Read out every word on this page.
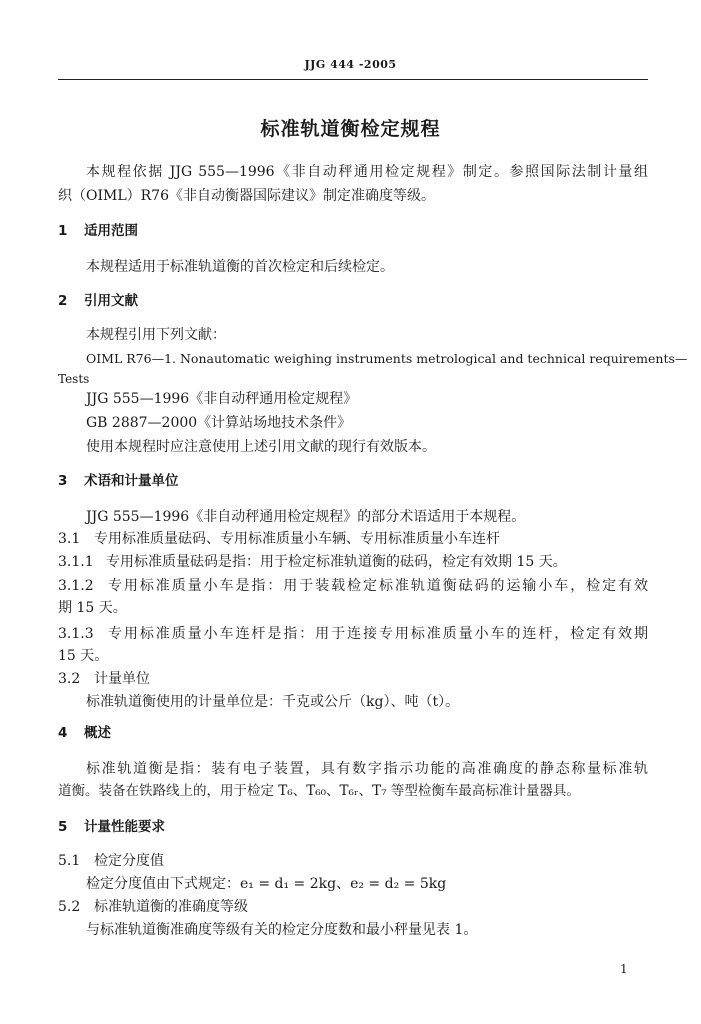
JJG 444 -2005
标准轨道衡检定规程
本规程依据 JJG 555—1996《非自动秤通用检定规程》制定。参照国际法制计量组
织（OIML）R76《非自动衡器国际建议》制定准确度等级。
1 适用范围
本规程适用于标准轨道衡的首次检定和后续检定。
2 引用文献
本规程引用下列文献：
OIML R76—1. Nonautomatic weighing instruments metrological and technical requirements—
Tests
JJG 555—1996《非自动秤通用检定规程》
GB 2887—2000《计算站场地技术条件》
使用本规程时应注意使用上述引用文献的现行有效版本。
3 术语和计量单位
JJG 555—1996《非自动秤通用检定规程》的部分术语适用于本规程。
3.1 专用标准质量砝码、专用标准质量小车辆、专用标准质量小车连杆
3.1.1 专用标准质量砝码是指：用于检定标准轨道衡的砝码，检定有效期 15 天。
3.1.2 专用标准质量小车是指：用于装载检定标准轨道衡砝码的运输小车，检定有效
期 15 天。
3.1.3 专用标准质量小车连杆是指：用于连接专用标准质量小车的连杆，检定有效期
15 天。
3.2 计量单位
标准轨道衡使用的计量单位是：千克或公斤（kg）、吨（t）。
4 概述
标准轨道衡是指：装有电子装置，具有数字指示功能的高准确度的静态称量标准轨
道衡。装备在铁路线上的，用于检定 T₆、T₆₀、T₆ᵣ、T₇ 等型检衡车最高标准计量器具。
5 计量性能要求
5.1 检定分度值
检定分度值由下式规定：e₁ = d₁ = 2kg、e₂ = d₂ = 5kg
5.2 标准轨道衡的准确度等级
与标准轨道衡准确度等级有关的检定分度数和最小秤量见表 1。
1
